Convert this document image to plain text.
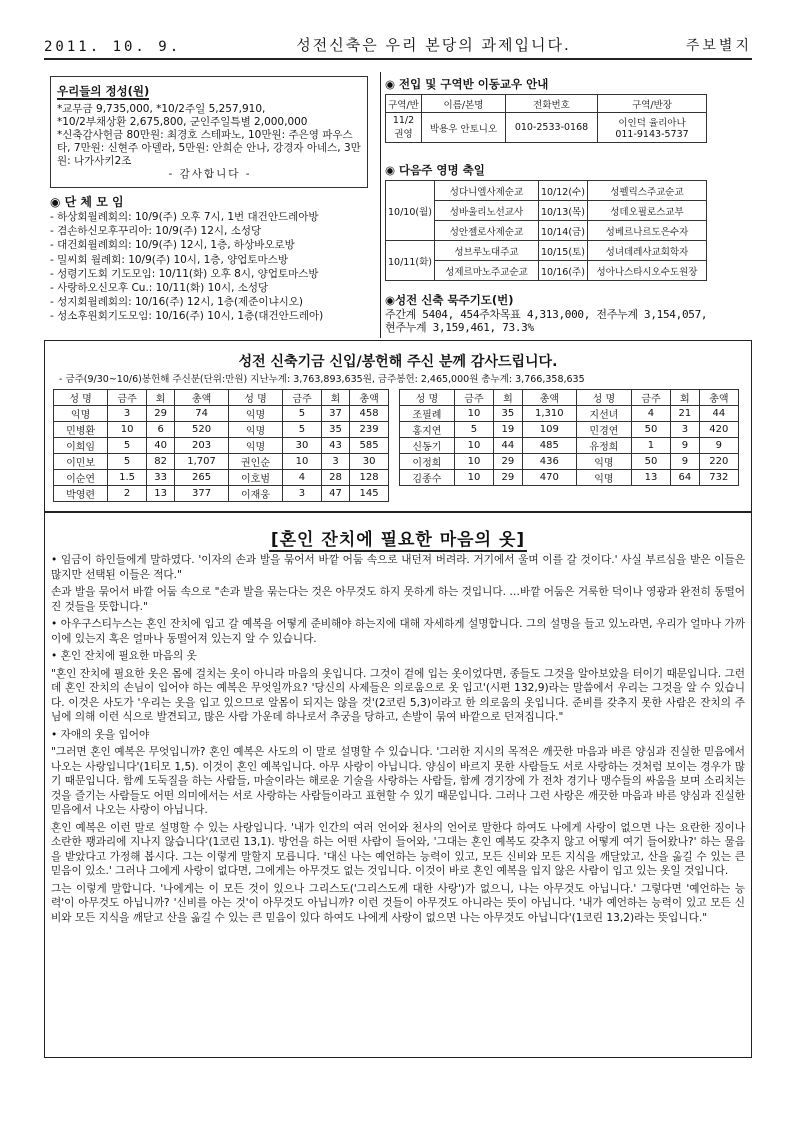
2011. 10. 9.	성전신축은 우리 본당의 과제입니다.	주보별지
우리들의 정성(원)
*교무금 9,735,000, *10/2주일 5,257,910,
*10/2부채상환 2,675,800, 군인주일특별 2,000,000
*신축감사헌금 80만원: 최경호 스테파노, 10만원: 주은영 파우스타, 7만원: 신현주 아델라, 5만원: 안희순 안나, 강경자 아네스, 3만원: 나가사키2조
- 감사합니다 -
◉ 단 체 모 임
- 하상회월례회의: 10/9(주) 오후 7시, 1번 대건안드레아방
- 겸손하신모후꾸리아: 10/9(주) 12시, 소성당
- 대건회월례회의: 10/9(주) 12시, 1층, 하상바오로방
- 밀씨회 월례회: 10/9(주) 10시, 1층, 양업토마스방
- 성령기도회 기도모임: 10/11(화) 오후 8시, 양업토마스방
- 사랑하오신모후 Cu.: 10/11(화) 10시, 소성당
- 성지회월례회의: 10/16(주) 12시, 1층(제준이냐시오)
- 성소후원회기도모임: 10/16(주) 10시, 1층(대건안드레아)
◉ 전입 및 구역반 이동교우 안내
구역/반	이름/본명	전화번호	구역/반장
11/2 권영	박용우 안토니오	010-2533-0168	이인덕 율리아나
011-9143-5737
◉ 다음주 영명 축일
10/10(월)	성다니엘사제순교	10/12(수)	성펠릭스주교순교
	성바울리노선교사	10/13(목)	성데오필로스교부
	성안젤로사제순교	10/14(금)	성베르나르도은수자
10/11(화)	성브루노대주교	10/15(토)	성녀데레사교회학자
	성제르마노주교순교	10/16(주)	성아나스타시오수도원장
◉성전 신축 묵주기도(번)
주간계 5404, 454주차목표 4,313,000, 전주누계 3,154,057, 현주누계 3,159,461, 73.3%
성전 신축기금 신입/봉헌해 주신 분께 감사드립니다.
- 금주(9/30~10/6)봉헌해 주신분(단위:만원) 지난누계: 3,763,893,635원, 금주봉헌: 2,465,000원 총누계: 3,766,358,635
성 명	금주	회	총액	성 명	금주	회	총액
익명	3	29	74	익명	5	37	458
민병환	10	6	520	익명	5	35	239
이희임	5	40	203	익명	30	43	585
이민보	5	82	1,707	권인순	10	3	30
이순연	1.5	33	265	이호범	4	28	128
박영련	2	13	377	이재웅	3	47	145
성 명	금주	회	총액	성 명	금주	회	총액
조필례	10	35	1,310	지선녀	4	21	44
홍지연	5	19	109	민경연	50	3	420
신동기	10	44	485	유정희	1	9	9
이정희	10	29	436	익명	50	9	220
김종수	10	29	470	익명	13	64	732
[혼인 잔치에 필요한 마음의 옷]

• 임금이 하인들에게 말하였다. '이자의 손과 발을 묶어서 바깥 어둠 속으로 내던져 버려라. 거기에서 울며 이를 갈 것이다.' 사실 부르심을 받은 이들은 많지만 선택된 이들은 적다."

손과 발을 묶어서 바깥 어둠 속으로 "손과 발을 묶는다는 것은 아무것도 하지 못하게 하는 것입니다. …바깥 어둠은 거룩한 덕이나 영광과 완전히 동떨어진 것들을 뜻합니다."

• 아우구스티누스는 혼인 잔치에 입고 갈 예복을 어떻게 준비해야 하는지에 대해 자세하게 설명합니다. 그의 설명을 들고 있노라면, 우리가 얼마나 가까이에 있는지 혹은 얼마나 동떨어져 있는지 알 수 있습니다.

• 혼인 잔치에 필요한 마음의 옷

"혼인 잔치에 필요한 옷은 몸에 걸치는 옷이 아니라 마음의 옷입니다. 그것이 겉에 입는 옷이었다면, 종들도 그것을 알아보았을 터이기 때문입니다. 그런데 혼인 잔치의 손님이 입어야 하는 예복은 무엇일까요? '당신의 사제들은 의로움으로 옷 입고'(시편 132,9)라는 말씀에서 우리는 그것을 알 수 있습니다. 이것은 사도가 '우리는 옷을 입고 있으므로 알몸이 되지는 않을 것'(2코린 5,3)이라고 한 의로움의 옷입니다. 준비를 갖추지 못한 사람은 잔치의 주님에 의해 이런 식으로 발견되고, 많은 사람 가운데 하나로서 추궁을 당하고, 손발이 묶여 바깥으로 던져집니다."

• 자애의 옷을 입어야

"그러면 혼인 예복은 무엇입니까? 혼인 예복은 사도의 이 말로 설명할 수 있습니다. '그러한 지시의 목적은 깨끗한 마음과 바른 양심과 진실한 믿음에서 나오는 사랑입니다'(1티모 1,5). 이것이 혼인 예복입니다. 아무 사랑이 아닙니다. 양심이 바르지 못한 사람들도 서로 사랑하는 것처럼 보이는 경우가 많기 때문입니다. 함께 도둑질을 하는 사람들, 마술이라는 해로운 기술을 사랑하는 사람들, 함께 경기장에 가 전차 경기나 맹수들의 싸움을 보며 소리치는 것을 즐기는 사람들도 어떤 의미에서는 서로 사랑하는 사람들이라고 표현할 수 있기 때문입니다. 그러나 그런 사랑은 깨끗한 마음과 바른 양심과 진실한 믿음에서 나오는 사랑이 아닙니다.

혼인 예복은 이런 말로 설명할 수 있는 사랑입니다. '내가 인간의 여러 언어와 천사의 언어로 말한다 하여도 나에게 사랑이 없으면 나는 요란한 징이나 소란한 꽹과리에 지나지 않습니다'(1코린 13,1). 방언을 하는 어떤 사람이 들어와, '그대는 혼인 예복도 갖추지 않고 어떻게 여기 들어왔나?' 하는 물음을 받았다고 가정해 봅시다. 그는 이렇게 말할지 모릅니다. '대신 나는 예언하는 능력이 있고, 모든 신비와 모든 지식을 깨달았고, 산을 옮길 수 있는 큰 믿음이 있소.' 그러나 그에게 사랑이 없다면, 그에게는 아무것도 없는 것입니다. 이것이 바로 혼인 예복을 입지 않은 사람이 입고 있는 옷일 것입니다.

그는 이렇게 말합니다. '나에게는 이 모든 것이 있으나 그리스도('그리스도께 대한 사랑')가 없으니, 나는 아무것도 아닙니다.' 그렇다면 '예언하는 능력'이 아무것도 아닙니까? '신비를 아는 것'이 아무것도 아닙니까? 이런 것들이 아무것도 아니라는 뜻이 아닙니다. '내가 예언하는 능력이 있고 모든 신비와 모든 지식을 깨닫고 산을 옮길 수 있는 큰 믿음이 있다 하여도 나에게 사랑이 없으면 나는 아무것도 아닙니다'(1코린 13,2)라는 뜻입니다."
